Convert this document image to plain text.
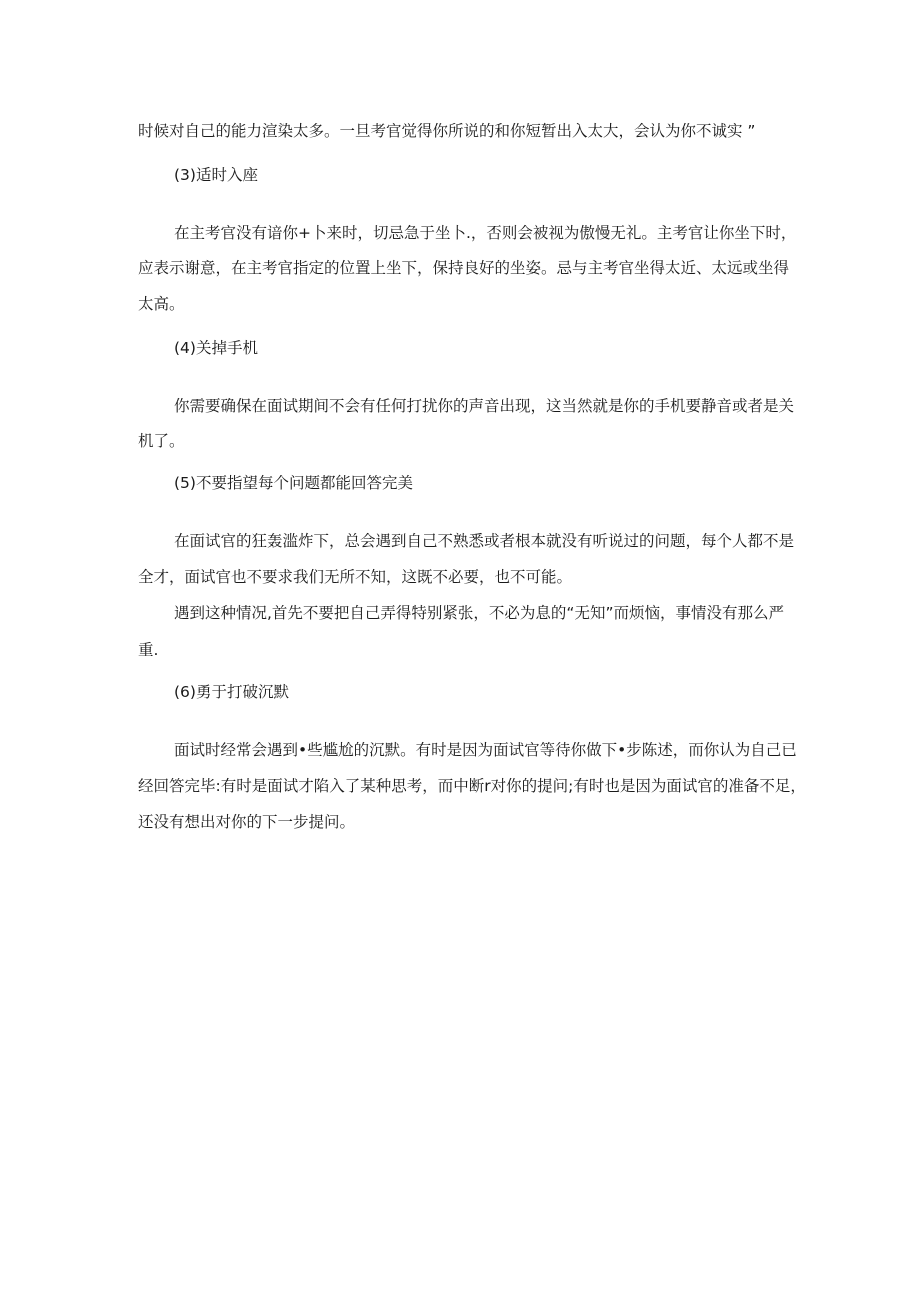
时候对自己的能力渲染太多。一旦考官觉得你所说的和你短暂出入太大，会认为你不诚实 ”
(3)适时入座
在主考官没有谙你+卜来时，切忌急于坐卜.，否则会被视为傲慢无礼。主考官让你坐下时，
应表示谢意，在主考官指定的位置上坐下，保持良好的坐姿。忌与主考官坐得太近、太远或坐得
太高。
(4)关掉手机
你需要确保在面试期间不会有任何打扰你的声音出现，这当然就是你的手机要静音或者是关
机了。
(5)不要指望每个问题都能回答完美
在面试官的狂轰滥炸下，总会遇到自己不熟悉或者根本就没有听说过的问题，每个人都不是
全才，面试官也不要求我们无所不知，这既不必要，也不可能。
遇到这种情况,首先不要把自己弄得特别紧张，不必为息的“无知”而烦恼，事情没有那么严
重.
(6)勇于打破沉默
面试时经常会遇到•些尴尬的沉默。有时是因为面试官等待你做下•步陈述，而你认为自己已
经回答完毕:有时是面试才陷入了某种思考，而中断r对你的提问;有时也是因为面试官的准备不足，
还没有想出对你的下一步提问。
